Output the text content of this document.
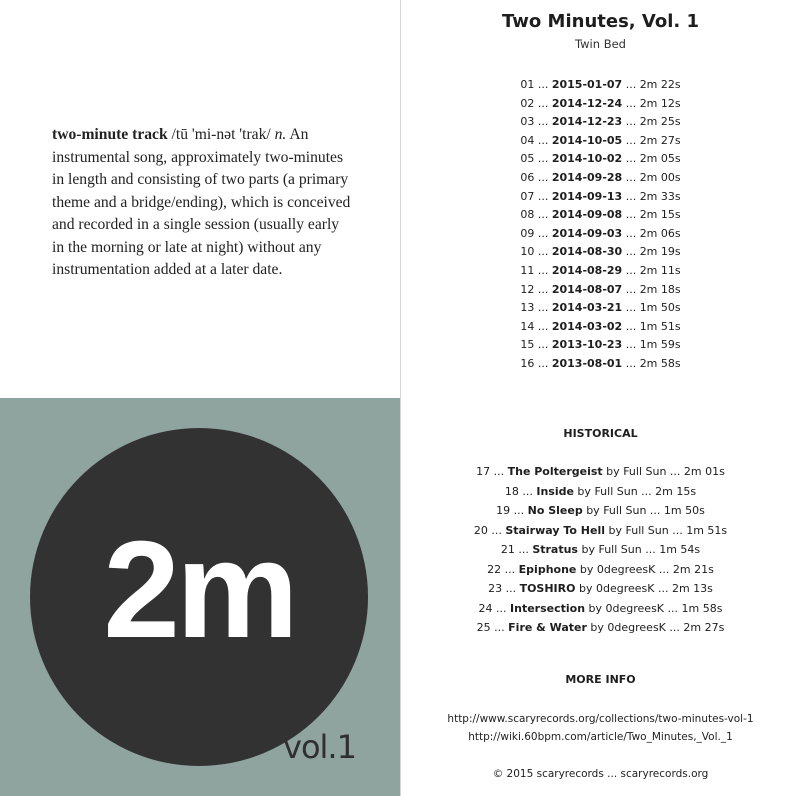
two-minute track /tū 'mi-nət 'trak/ n. An instrumental song, approximately two-minutes in length and consisting of two parts (a primary theme and a bridge/ending), which is conceived and recorded in a single session (usually early in the morning or late at night) without any instrumentation added at a later date.
2m
vol.1
Two Minutes, Vol. 1
Twin Bed
01 ... 2015-01-07 ... 2m 22s
02 ... 2014-12-24 ... 2m 12s
03 ... 2014-12-23 ... 2m 25s
04 ... 2014-10-05 ... 2m 27s
05 ... 2014-10-02 ... 2m 05s
06 ... 2014-09-28 ... 2m 00s
07 ... 2014-09-13 ... 2m 33s
08 ... 2014-09-08 ... 2m 15s
09 ... 2014-09-03 ... 2m 06s
10 ... 2014-08-30 ... 2m 19s
11 ... 2014-08-29 ... 2m 11s
12 ... 2014-08-07 ... 2m 18s
13 ... 2014-03-21 ... 1m 50s
14 ... 2014-03-02 ... 1m 51s
15 ... 2013-10-23 ... 1m 59s
16 ... 2013-08-01 ... 2m 58s
HISTORICAL
17 ... The Poltergeist by Full Sun ... 2m 01s
18 ... Inside by Full Sun ... 2m 15s
19 ... No Sleep by Full Sun ... 1m 50s
20 ... Stairway To Hell by Full Sun ... 1m 51s
21 ... Stratus by Full Sun ... 1m 54s
22 ... Epiphone by 0degreesK ... 2m 21s
23 ... TOSHIRO by 0degreesK ... 2m 13s
24 ... Intersection by 0degreesK ... 1m 58s
25 ... Fire & Water by 0degreesK ... 2m 27s
MORE INFO
http://www.scaryrecords.org/collections/two-minutes-vol-1
http://wiki.60bpm.com/article/Two_Minutes,_Vol._1
© 2015 scaryrecords ... scaryrecords.org
